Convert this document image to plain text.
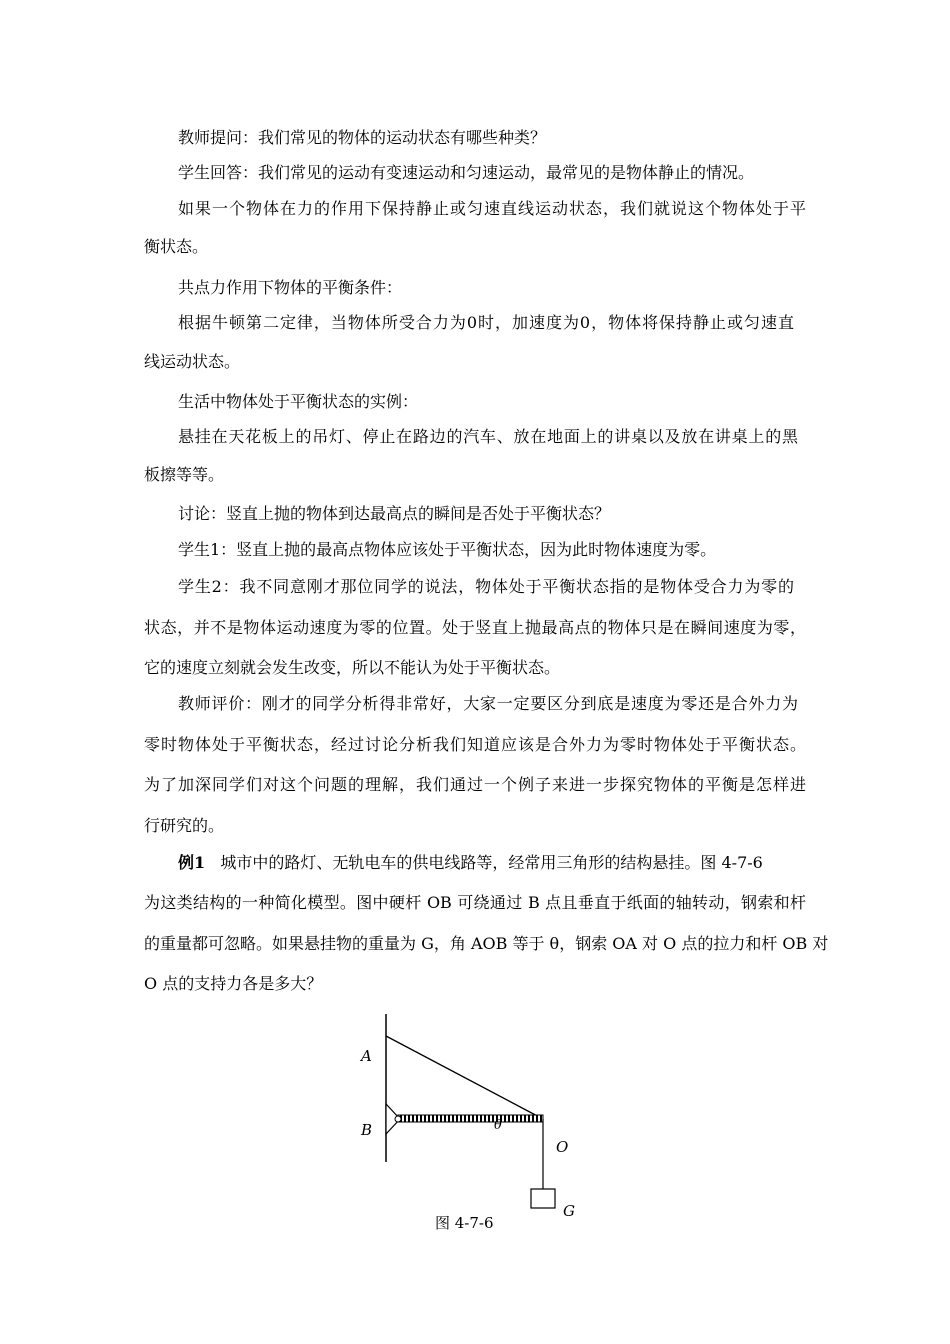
教师提问：我们常见的物体的运动状态有哪些种类？
学生回答：我们常见的运动有变速运动和匀速运动，最常见的是物体静止的情况。
如果一个物体在力的作用下保持静止或匀速直线运动状态，我们就说这个物体处于平
衡状态。
共点力作用下物体的平衡条件：
根据牛顿第二定律，当物体所受合力为0时，加速度为0，物体将保持静止或匀速直
线运动状态。
生活中物体处于平衡状态的实例：
悬挂在天花板上的吊灯、停止在路边的汽车、放在地面上的讲桌以及放在讲桌上的黑
板擦等等。
讨论：竖直上抛的物体到达最高点的瞬间是否处于平衡状态？
学生1：竖直上抛的最高点物体应该处于平衡状态，因为此时物体速度为零。
学生2：我不同意刚才那位同学的说法，物体处于平衡状态指的是物体受合力为零的
状态，并不是物体运动速度为零的位置。处于竖直上抛最高点的物体只是在瞬间速度为零，
它的速度立刻就会发生改变，所以不能认为处于平衡状态。
教师评价：刚才的同学分析得非常好，大家一定要区分到底是速度为零还是合外力为
零时物体处于平衡状态，经过讨论分析我们知道应该是合外力为零时物体处于平衡状态。
为了加深同学们对这个问题的理解，我们通过一个例子来进一步探究物体的平衡是怎样进
行研究的。
例1 城市中的路灯、无轨电车的供电线路等，经常用三角形的结构悬挂。图 4-7-6
为这类结构的一种简化模型。图中硬杆 OB 可绕通过 B 点且垂直于纸面的轴转动，钢索和杆
的重量都可忽略。如果悬挂物的重量为 G，角 AOB 等于 θ，钢索 OA 对 O 点的拉力和杆 OB 对
O 点的支持力各是多大？
A
B	θ
O
G
图 4-7-6
